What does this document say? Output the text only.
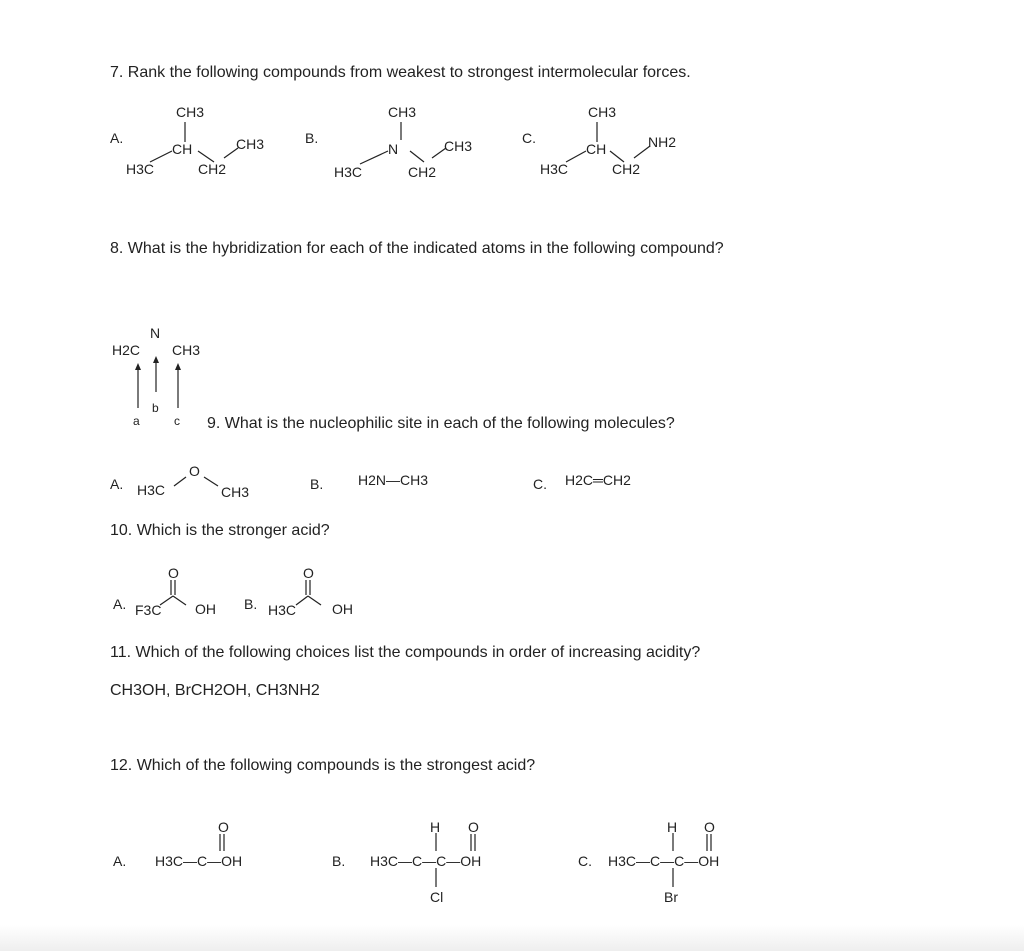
7. Rank the following compounds from weakest to strongest intermolecular forces.
8. What is the hybridization for each of the indicated atoms in the following compound?
9. What is the nucleophilic site in each of the following molecules?
10. Which is the stronger acid?
11. Which of the following choices list the compounds in order of increasing acidity?
CH3OH, BrCH2OH, CH3NH2
12. Which of the following compounds is the strongest acid?
A.
CH3
CH
H3C	CH2
CH3	B.
CH3
N
H3C	CH2
CH3	C.
CH3
CH
H3C	CH2
NH2
H2C
N
CH3
a
b
c
A. H3C
O
CH3	B. H2N—CH3	C. H2C═CH2
A. F3C
O
OH B. H3C
O
OH
O
A. H3C—C—OH
H O
B. H3C—C—C—OH
Cl
H O
C. H3C—C—C—OH
Br
